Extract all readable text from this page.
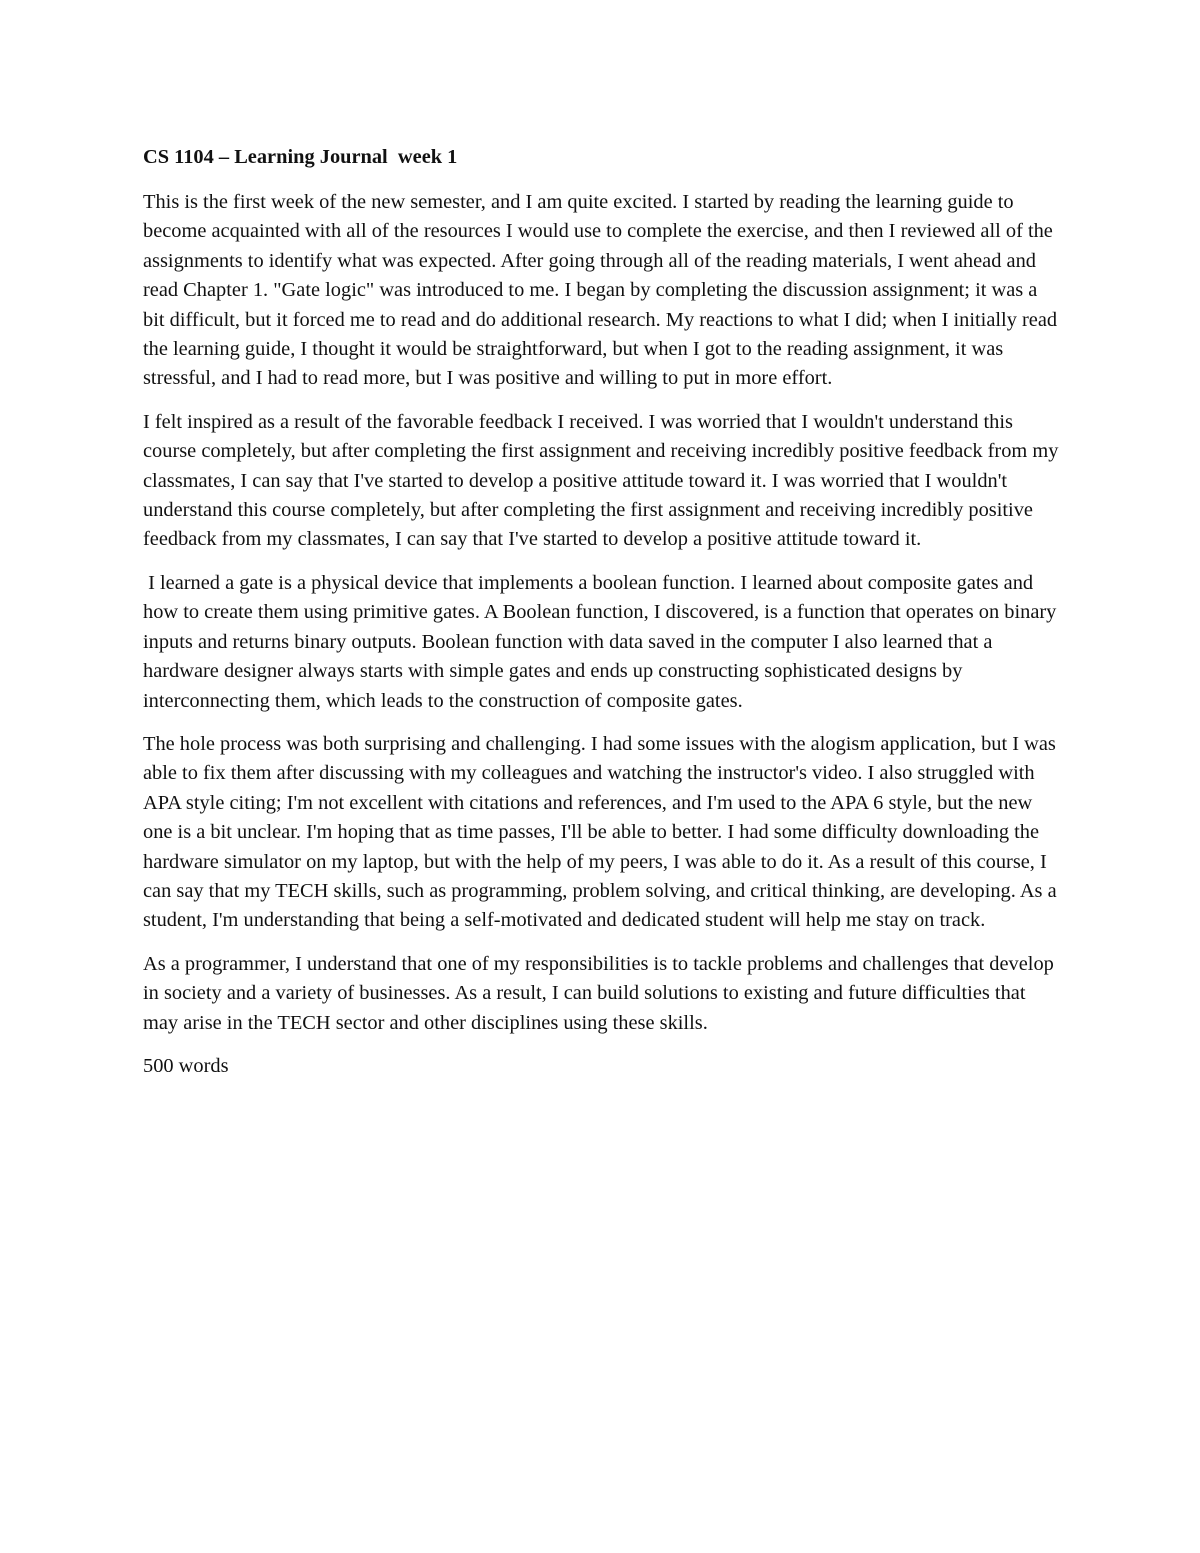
CS 1104 – Learning Journal  week 1

This is the first week of the new semester, and I am quite excited. I started by reading the learning guide to become acquainted with all of the resources I would use to complete the exercise, and then I reviewed all of the assignments to identify what was expected. After going through all of the reading materials, I went ahead and read Chapter 1. "Gate logic" was introduced to me. I began by completing the discussion assignment; it was a bit difficult, but it forced me to read and do additional research. My reactions to what I did; when I initially read the learning guide, I thought it would be straightforward, but when I got to the reading assignment, it was stressful, and I had to read more, but I was positive and willing to put in more effort.

I felt inspired as a result of the favorable feedback I received. I was worried that I wouldn't understand this course completely, but after completing the first assignment and receiving incredibly positive feedback from my classmates, I can say that I've started to develop a positive attitude toward it. I was worried that I wouldn't understand this course completely, but after completing the first assignment and receiving incredibly positive feedback from my classmates, I can say that I've started to develop a positive attitude toward it.

I learned a gate is a physical device that implements a boolean function. I learned about composite gates and how to create them using primitive gates. A Boolean function, I discovered, is a function that operates on binary inputs and returns binary outputs. Boolean function with data saved in the computer I also learned that a hardware designer always starts with simple gates and ends up constructing sophisticated designs by interconnecting them, which leads to the construction of composite gates.

The hole process was both surprising and challenging. I had some issues with the alogism application, but I was able to fix them after discussing with my colleagues and watching the instructor's video. I also struggled with APA style citing; I'm not excellent with citations and references, and I'm used to the APA 6 style, but the new one is a bit unclear. I'm hoping that as time passes, I'll be able to better. I had some difficulty downloading the hardware simulator on my laptop, but with the help of my peers, I was able to do it. As a result of this course, I can say that my TECH skills, such as programming, problem solving, and critical thinking, are developing. As a student, I'm understanding that being a self-motivated and dedicated student will help me stay on track.

As a programmer, I understand that one of my responsibilities is to tackle problems and challenges that develop in society and a variety of businesses. As a result, I can build solutions to existing and future difficulties that may arise in the TECH sector and other disciplines using these skills.

500 words
